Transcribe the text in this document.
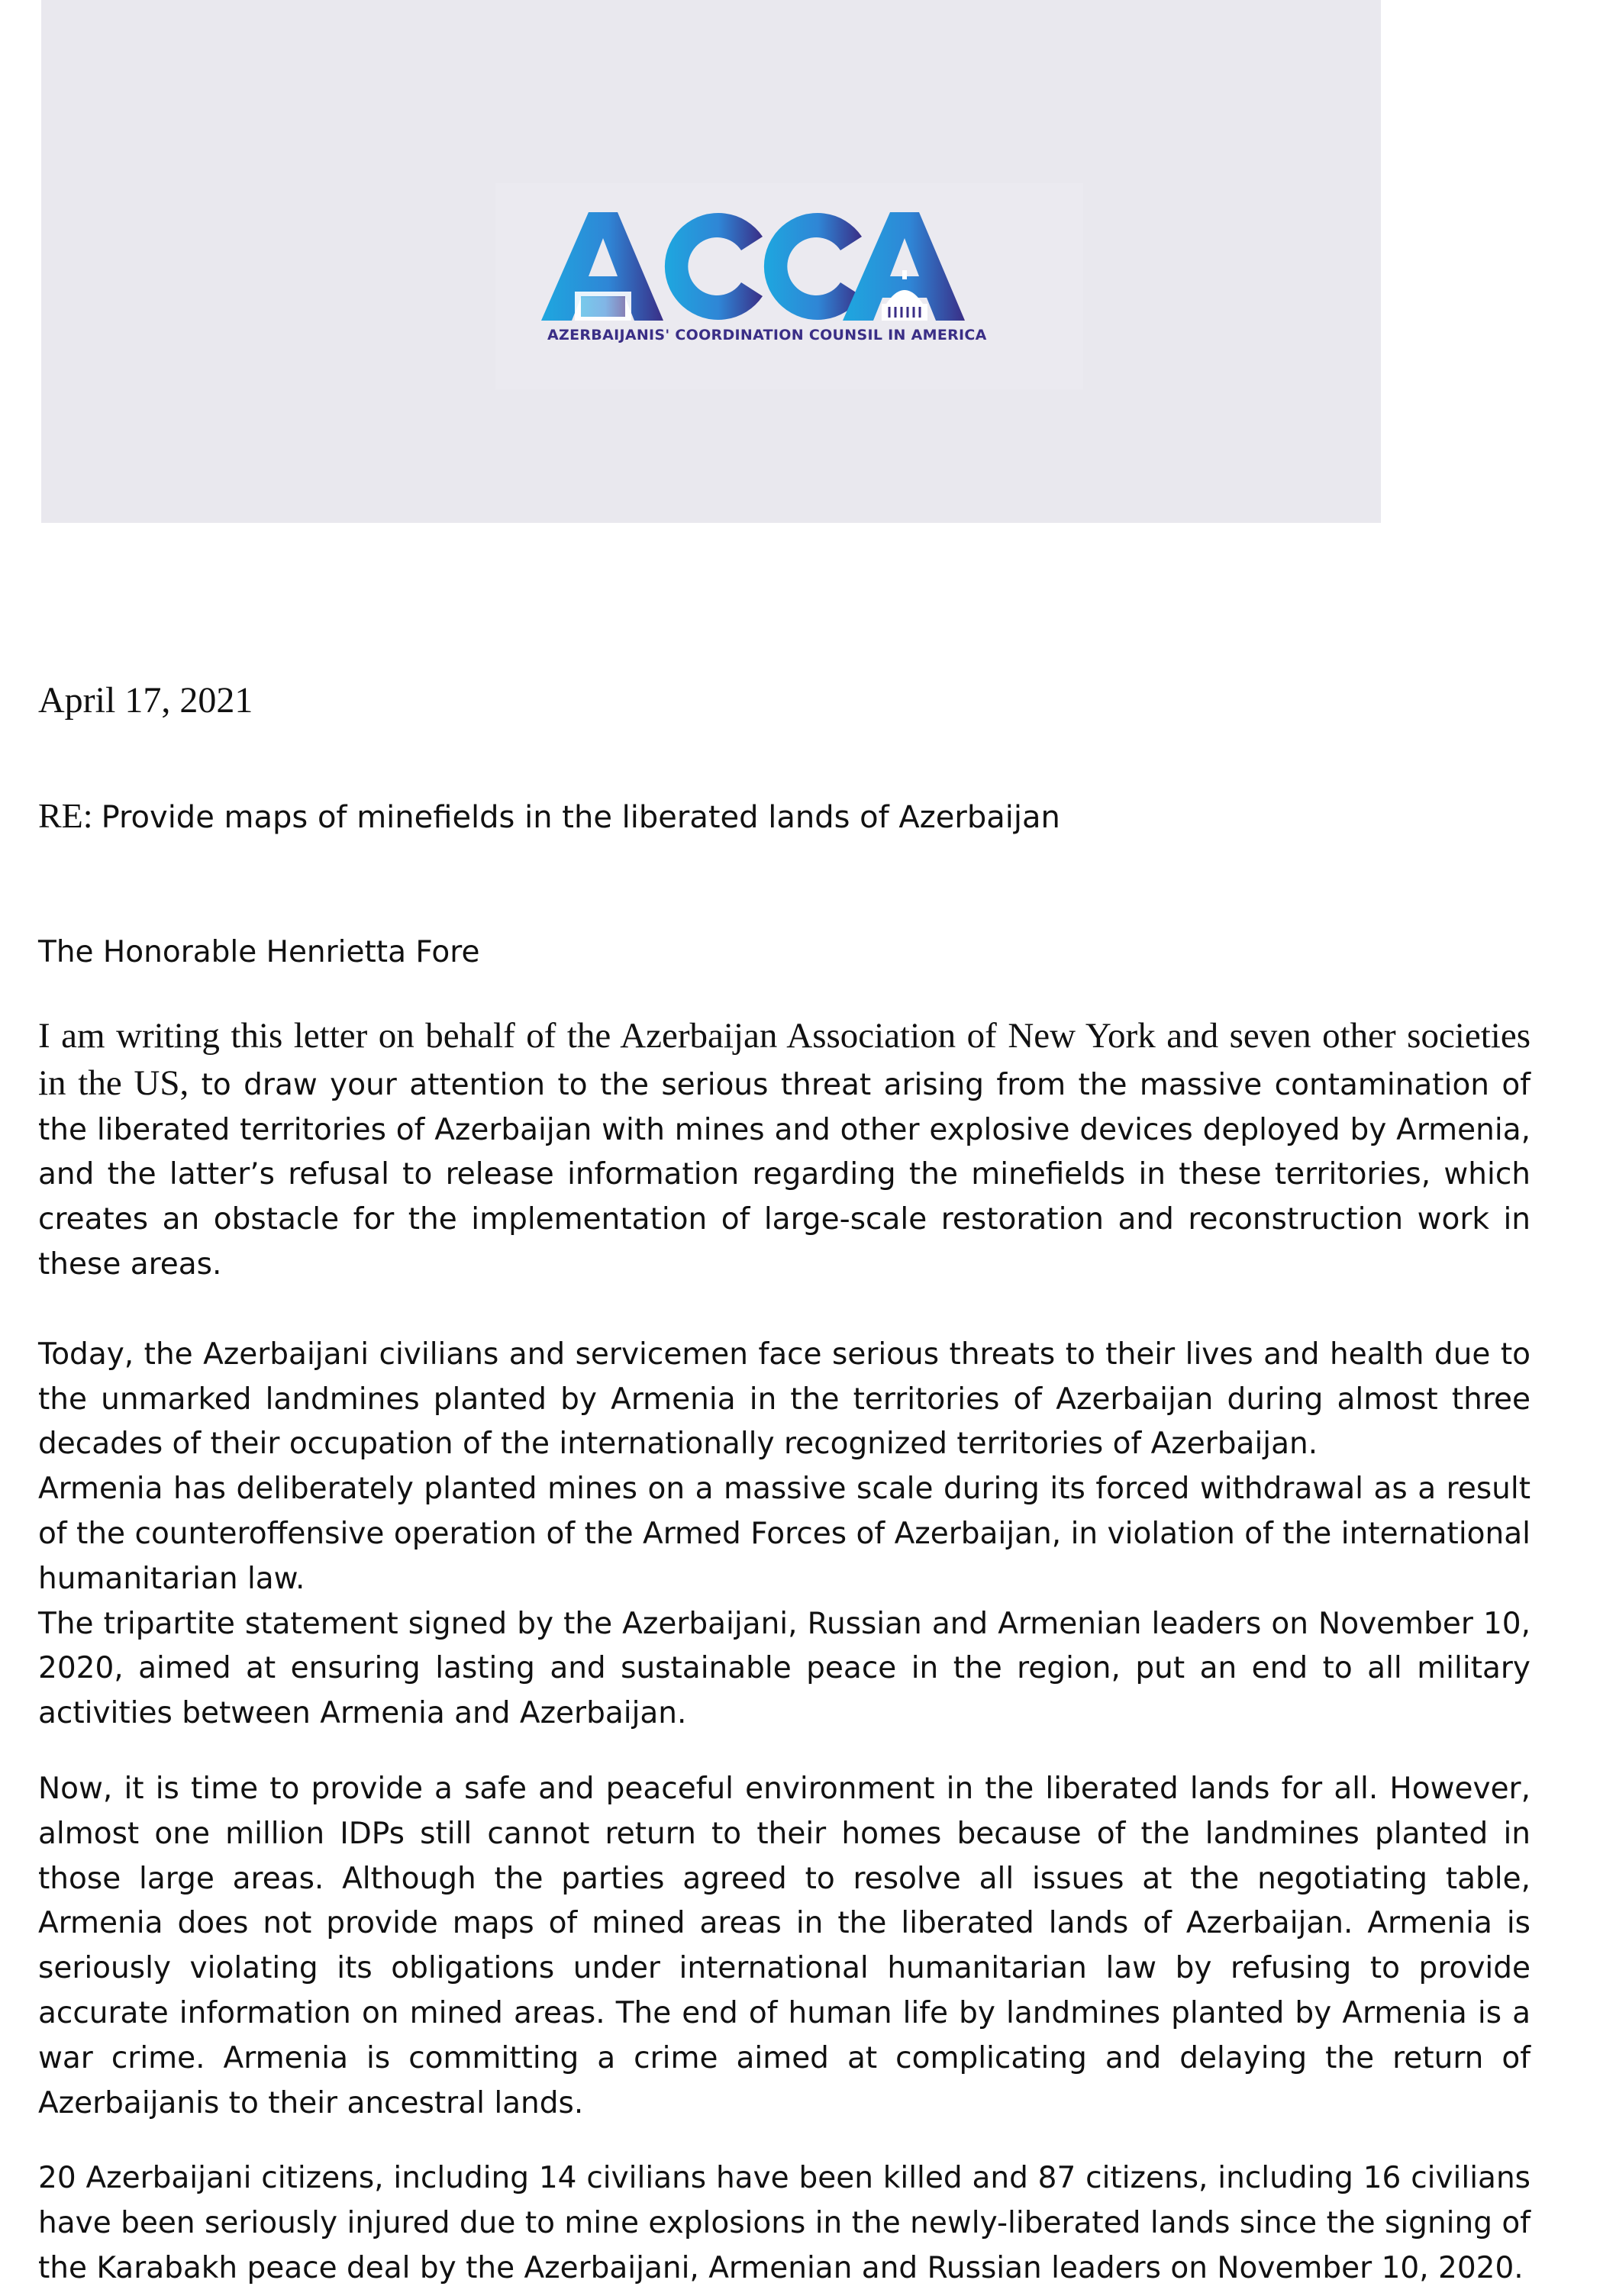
AZERBAIJANIS' COORDINATION COUNSIL IN AMERICA
April 17, 2021
RE: Provide maps of minefields in the liberated lands of Azerbaijan
The Honorable Henrietta Fore

I am writing this letter on behalf of the Azerbaijan Association of New York and seven other societies in the US, to draw your attention to the serious threat arising from the massive contamination of the liberated territories of Azerbaijan with mines and other explosive devices deployed by Armenia, and the latter’s refusal to release information regarding the minefields in these territories, which creates an obstacle for the implementation of large-scale restoration and reconstruction work in these areas.

Today, the Azerbaijani civilians and servicemen face serious threats to their lives and health due to the unmarked landmines planted by Armenia in the territories of Azerbaijan during almost three decades of their occupation of the internationally recognized territories of Azerbaijan.

Armenia has deliberately planted mines on a massive scale during its forced withdrawal as a result of the counteroffensive operation of the Armed Forces of Azerbaijan, in violation of the international humanitarian law.

The tripartite statement signed by the Azerbaijani, Russian and Armenian leaders on November 10, 2020, aimed at ensuring lasting and sustainable peace in the region, put an end to all military activities between Armenia and Azerbaijan.

Now, it is time to provide a safe and peaceful environment in the liberated lands for all. However, almost one million IDPs still cannot return to their homes because of the landmines planted in those large areas. Although the parties agreed to resolve all issues at the negotiating table, Armenia does not provide maps of mined areas in the liberated lands of Azerbaijan. Armenia is seriously violating its obligations under international humanitarian law by refusing to provide accurate information on mined areas. The end of human life by landmines planted by Armenia is a war crime. Armenia is committing a crime aimed at complicating and delaying the return of Azerbaijanis to their ancestral lands.

20 Azerbaijani citizens, including 14 civilians have been killed and 87 citizens, including 16 civilians have been seriously injured due to mine explosions in the newly-liberated lands since the signing of the Karabakh peace deal by the Azerbaijani, Armenian and Russian leaders on November 10, 2020.
